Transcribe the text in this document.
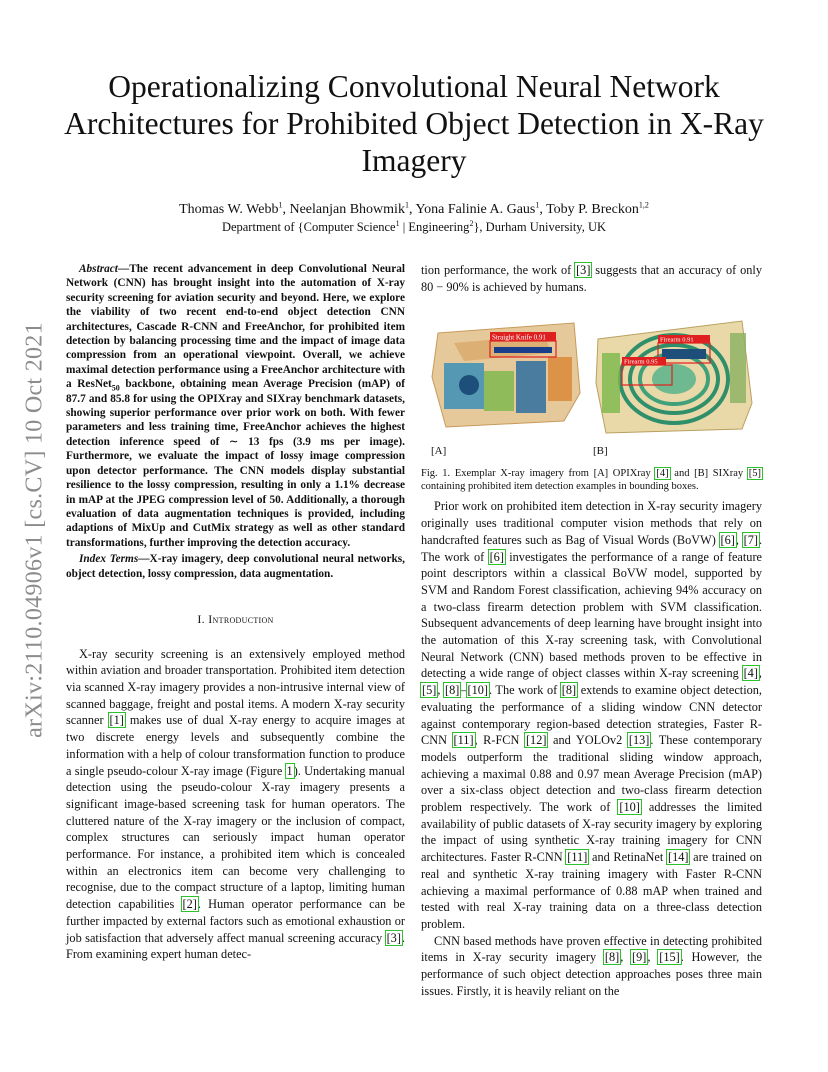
Operationalizing Convolutional Neural Network Architectures for Prohibited Object Detection in X-Ray Imagery
Thomas W. Webb$^1$, Neelanjan Bhowmik$^1$, Yona Falinie A. Gaus$^1$, Toby P. Breckon$^{1,2}$
Department of {Computer Science$^1$ | Engineering$^2$}, Durham University, UK
arXiv:2110.04906v1 [cs.CV] 10 Oct 2021

Abstract—The recent advancement in deep Convolutional Neural Network (CNN) has brought insight into the automation of X-ray security screening for aviation security and beyond. Here, we explore the viability of two recent end-to-end object detection CNN architectures, Cascade R-CNN and FreeAnchor, for prohibited item detection by balancing processing time and the impact of image data compression from an operational viewpoint. Overall, we achieve maximal detection performance using a FreeAnchor architecture with a ResNet$_{50}$ backbone, obtaining mean Average Precision (mAP) of 87.7 and 85.8 for using the OPIXray and SIXray benchmark datasets, showing superior performance over prior work on both. With fewer parameters and less training time, FreeAnchor achieves the highest detection inference speed of ∼ 13 fps (3.9 ms per image). Furthermore, we evaluate the impact of lossy image compression upon detector performance. The CNN models display substantial resilience to the lossy compression, resulting in only a 1.1% decrease in mAP at the JPEG compression level of 50. Additionally, a thorough evaluation of data augmentation techniques is provided, including adaptions of MixUp and CutMix strategy as well as other standard transformations, further improving the detection accuracy.

Index Terms—X-ray imagery, deep convolutional neural networks, object detection, lossy compression, data augmentation.

I. Introduction

X-ray security screening is an extensively employed method within aviation and broader transportation. Prohibited item detection via scanned X-ray imagery provides a non-intrusive internal view of scanned baggage, freight and postal items. A modern X-ray security scanner [1] makes use of dual X-ray energy to acquire images at two discrete energy levels and subsequently combine the information with a help of colour transformation function to produce a single pseudo-colour X-ray image (Figure 1). Undertaking manual detection using the pseudo-colour X-ray imagery presents a significant image-based screening task for human operators. The cluttered nature of the X-ray imagery or the inclusion of compact, complex structures can seriously impact human operator performance. For instance, a prohibited item which is concealed within an electronics item can become very challenging to recognise, due to the compact structure of a laptop, limiting human detection capabilities [2]. Human operator performance can be further impacted by external factors such as emotional exhaustion or job satisfaction that adversely affect manual screening accuracy [3]. From examining expert human detec-

tion performance, the work of [3] suggests that an accuracy of only 80 − 90% is achieved by humans.

Straight Knife 0.91	Firearm 0.91
Firearm 0.95
[A]	[B]

Fig. 1. Exemplar X-ray imagery from [A] OPIXray [4] and [B] SIXray [5] containing prohibited item detection examples in bounding boxes.

Prior work on prohibited item detection in X-ray security imagery originally uses traditional computer vision methods that rely on handcrafted features such as Bag of Visual Words (BoVW) [6], [7]. The work of [6] investigates the performance of a range of feature point descriptors within a classical BoVW model, supported by SVM and Random Forest classification, achieving 94% accuracy on a two-class firearm detection problem with SVM classification. Subsequent advancements of deep learning have brought insight into the automation of this X-ray screening task, with Convolutional Neural Network (CNN) based methods proven to be effective in detecting a wide range of object classes within X-ray screening [4], [5], [8]–[10]. The work of [8] extends to examine object detection, evaluating the performance of a sliding window CNN detector against contemporary region-based detection strategies, Faster R-CNN [11], R-FCN [12] and YOLOv2 [13]. These contemporary models outperform the traditional sliding window approach, achieving a maximal 0.88 and 0.97 mean Average Precision (mAP) over a six-class object detection and two-class firearm detection problem respectively. The work of [10] addresses the limited availability of public datasets of X-ray security imagery by exploring the impact of using synthetic X-ray training imagery for CNN architectures. Faster R-CNN [11] and RetinaNet [14] are trained on real and synthetic X-ray training imagery with Faster R-CNN achieving a maximal performance of 0.88 mAP when trained and tested with real X-ray training data on a three-class detection problem.

CNN based methods have proven effective in detecting prohibited items in X-ray security imagery [8], [9], [15]. However, the performance of such object detection approaches poses three main issues. Firstly, it is heavily reliant on the
